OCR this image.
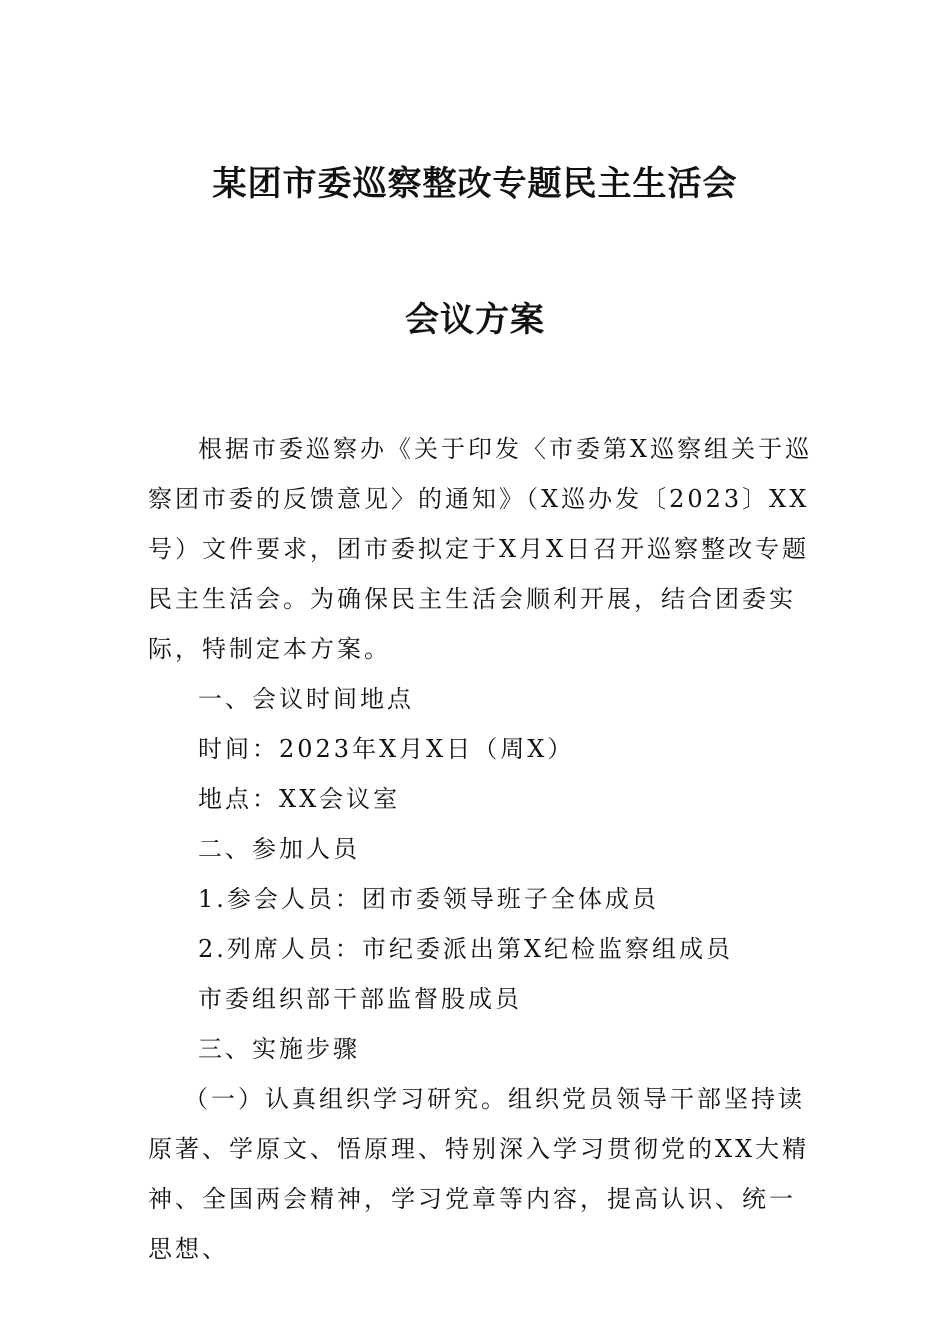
某团市委巡察整改专题民主生活会
会议方案

根据市委巡察办《关于印发〈市委第X巡察组关于巡察团市委的反馈意见〉的通知》（X巡办发〔2023〕XX号）文件要求，团市委拟定于X月X日召开巡察整改专题民主生活会。为确保民主生活会顺利开展，结合团委实际，特制定本方案。

一、会议时间地点

时间：2023年X月X日（周X）

地点：XX会议室

二、参加人员

1.参会人员：团市委领导班子全体成员

2.列席人员：市纪委派出第X纪检监察组成员

市委组织部干部监督股成员

三、实施步骤

（一）认真组织学习研究。组织党员领导干部坚持读原著、学原文、悟原理、特别深入学习贯彻党的XX大精神、全国两会精神，学习党章等内容，提高认识、统一思想、
